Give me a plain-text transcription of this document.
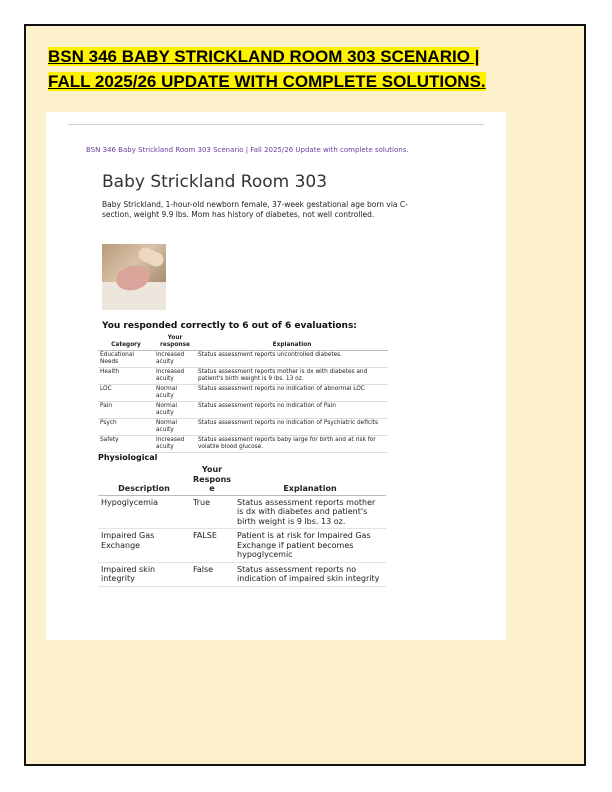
BSN 346 BABY STRICKLAND ROOM 303 SCENARIO |
FALL 2025/26 UPDATE WITH COMPLETE SOLUTIONS.
BSN 346 Baby Strickland Room 303 Scenario | Fall 2025/26 Update with complete solutions.
Baby Strickland Room 303
Baby Strickland, 1-hour-old newborn female, 37-week gestational age born via C-section, weight 9.9 lbs. Mom has history of diabetes, not well controlled.
You responded correctly to 6 out of 6 evaluations:
Category	Your response	Explanation
Educational Needs	Increased acuity	Status assessment reports uncontrolled diabetes.
Health	Increased acuity	Status assessment reports mother is dx with diabetes and patient's birth weight is 9 lbs. 13 oz.
LOC	Normal acuity	Status assessment reports no indication of abnormal LOC
Pain	Normal acuity	Status assessment reports no indication of Pain
Psych	Normal acuity	Status assessment reports no indication of Psychiatric deficits
Safety	Increased acuity	Status assessment reports baby large for birth and at risk for volatile blood glucose.
Physiological
Description	Your Respons e	Explanation
Hypoglycemia	True	Status assessment reports mother is dx with diabetes and patient's birth weight is 9 lbs. 13 oz.
Impaired Gas Exchange	FALSE	Patient is at risk for Impaired Gas Exchange if patient becomes hypoglycemic
Impaired skin integrity	False	Status assessment reports no indication of impaired skin integrity
